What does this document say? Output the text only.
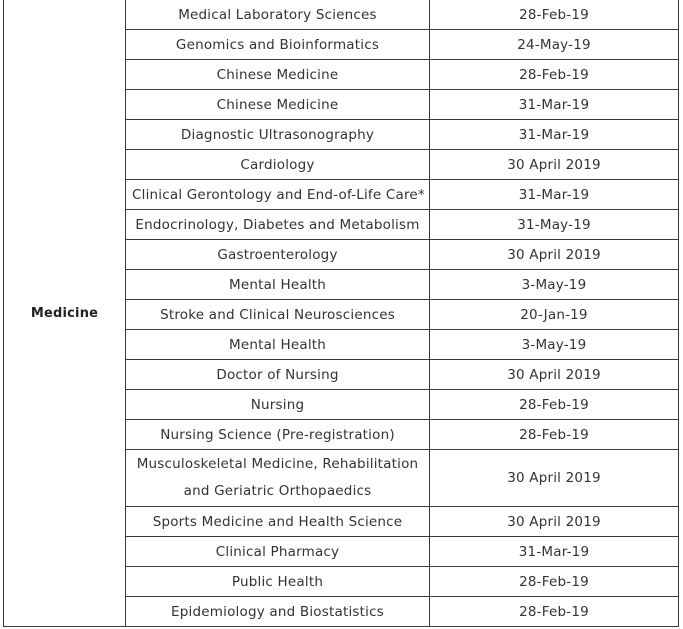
Medicine	Medical Laboratory Sciences	28-Feb-19
	Genomics and Bioinformatics	24-May-19
	Chinese Medicine	28-Feb-19
	Chinese Medicine	31-Mar-19
	Diagnostic Ultrasonography	31-Mar-19
	Cardiology	30 April 2019
	Clinical Gerontology and End-of-Life Care*	31-Mar-19
	Endocrinology, Diabetes and Metabolism	31-May-19
	Gastroenterology	30 April 2019
	Mental Health	3-May-19
	Stroke and Clinical Neurosciences	20-Jan-19
	Mental Health	3-May-19
	Doctor of Nursing	30 April 2019
	Nursing	28-Feb-19
	Nursing Science (Pre-registration)	28-Feb-19
	Musculoskeletal Medicine, Rehabilitation and Geriatric Orthopaedics	30 April 2019
	Sports Medicine and Health Science	30 April 2019
	Clinical Pharmacy	31-Mar-19
	Public Health	28-Feb-19
	Epidemiology and Biostatistics	28-Feb-19
